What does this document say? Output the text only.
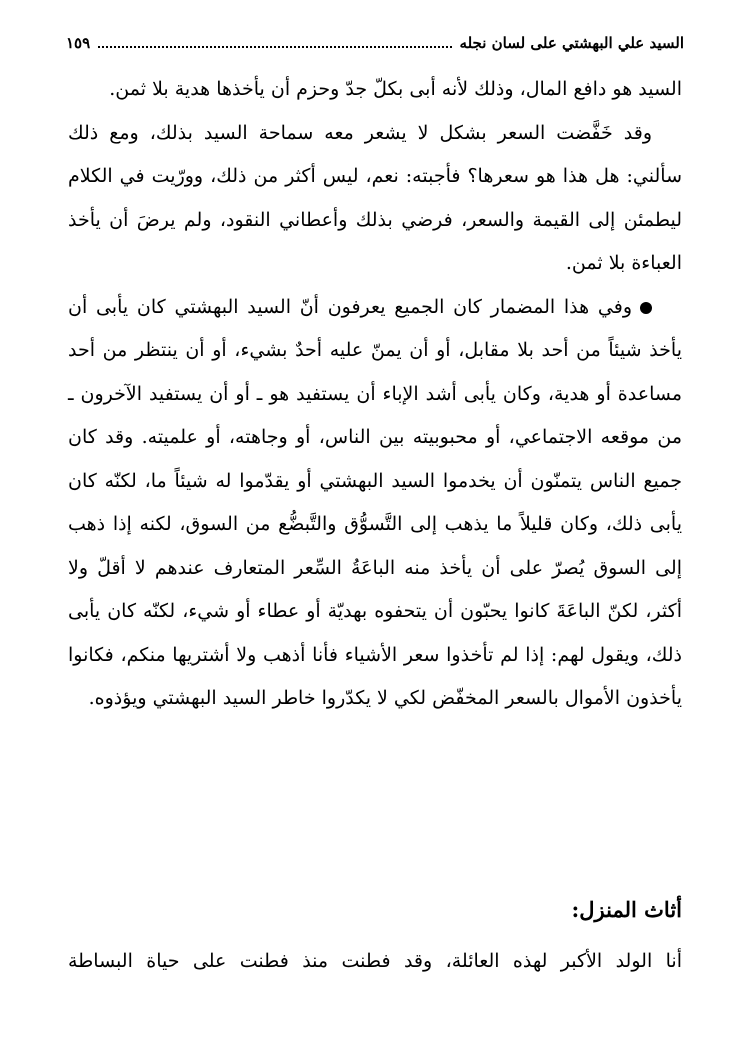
السيد علي البهشتي على لسان نجله
١٥٩

السيد هو دافع المال، وذلك لأنه أبى بكلّ جدّ وحزم أن يأخذها هدية بلا ثمن.

وقد خَفَّضت السعر بشكل لا يشعر معه سماحة السيد بذلك، ومع ذلك سألني: هل هذا هو سعرها؟ فأجبته: نعم، ليس أكثر من ذلك، وورّيت في الكلام ليطمئن إلى القيمة والسعر، فرضي بذلك وأعطاني النقود، ولم يرضَ أن يأخذ العباءة بلا ثمن.

وفي هذا المضمار كان الجميع يعرفون أنّ السيد البهشتي كان يأبى أن يأخذ شيئاً من أحد بلا مقابل، أو أن يمنّ عليه أحدٌ بشيء، أو أن ينتظر من أحد مساعدة أو هدية، وكان يأبى أشد الإباء أن يستفيد هو ـ أو أن يستفيد الآخرون ـ من موقعه الاجتماعي، أو محبوبيته بين الناس، أو وجاهته، أو علميته. وقد كان جميع الناس يتمنّون أن يخدموا السيد البهشتي أو يقدّموا له شيئاً ما، لكنّه كان يأبى ذلك، وكان قليلاً ما يذهب إلى التَّسوُّق والتَّبضُّع من السوق، لكنه إذا ذهب إلى السوق يُصرّ على أن يأخذ منه الباعَةُ السِّعر المتعارف عندهم لا أقلّ ولا أكثر، لكنّ الباعَةَ كانوا يحبّون أن يتحفوه بهديّة أو عطاء أو شيء، لكنّه كان يأبى ذلك، ويقول لهم: إذا لم تأخذوا سعر الأشياء فأنا أذهب ولا أشتريها منكم، فكانوا يأخذون الأموال بالسعر المخفّض لكي لا يكدّروا خاطر السيد البهشتي ويؤذوه.

أثاث المنزل:
أنا الولد الأكبر لهذه العائلة، وقد فطنت منذ فطنت على حياة البساطة
